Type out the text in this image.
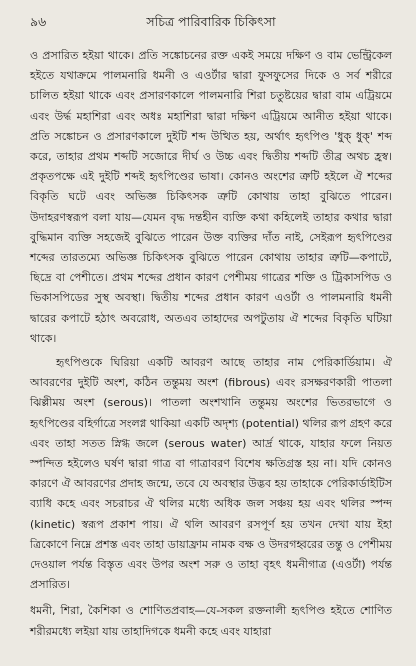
৯৬	সচিত্র পারিবারিক চিকিৎসা

ও প্রসারিত হইয়া থাকে। প্রতি সঙ্কোচনের রক্ত একই সময়ে দক্ষিণ ও বাম ভেন্ট্রিকেল হইতে যথাক্রমে পালমনারি ধমনী ও এওর্টার দ্বারা ফুসফুসের দিকে ও সর্ব শরীরে চালিত হইয়া থাকে এবং প্রসারণকালে পালমনারি শিরা চতুষ্টয়ের দ্বারা বাম এট্রিয়মে এবং উর্দ্ধ মহাশিরা এবং অধঃ মহাশিরা দ্বারা দক্ষিণ এট্রিয়মে আনীত হইয়া থাকে। প্রতি সঙ্কোচন ও প্রসারণকালে দুইটি শব্দ উত্থিত হয়, অর্থাৎ হৃৎপিণ্ড 'ধুক্ ধুক্' শব্দ করে, তাহার প্রথম শব্দটি সজোরে দীর্ঘ ও উচ্চ এবং দ্বিতীয় শব্দটি তীব্র অথচ হ্রস্ব। প্রকৃতপক্ষে এই দুইটি শব্দই হৃৎপিণ্ডের ভাষা। কোনও অংশের ত্রুটি হইলে ঐ শব্দের বিকৃতি ঘটে এবং অভিজ্ঞ চিকিৎসক ত্রুটি কোথায় তাহা বুঝিতে পারেন। উদাহরণস্বরূপ বলা যায়—যেমন বৃদ্ধ দন্তহীন ব্যক্তি কথা কহিলেই তাহার কথার দ্বারা বুদ্ধিমান ব্যক্তি সহজেই বুঝিতে পারেন উক্ত ব্যক্তির দাঁত নাই, সেইরূপ হৃৎপিণ্ডের শব্দের তারতম্যে অভিজ্ঞ চিকিৎসক বুঝিতে পারেন কোথায় তাহার ত্রুটি—কপাটে, ছিদ্রে বা পেশীতে। প্রথম শব্দের প্রধান কারণ পেশীময় গাত্রের শক্তি ও ট্রিকাসপিড ও ভিকাসপিডের সুস্থ অবস্থা। দ্বিতীয় শব্দের প্রধান কারণ এওর্টা ও পালমনারি ধমনী দ্বারের কপাটে হঠাৎ অবরোধ, অতএব তাহাদের অপটুতায় ঐ শব্দের বিকৃতি ঘটিয়া থাকে।

হৃৎপিণ্ডকে ঘিরিয়া একটি আবরণ আছে তাহার নাম পেরিকার্ডিয়াম। ঐ আবরণের দুইটি অংশ, কঠিন তন্তুময় অংশ (fibrous) এবং রসক্ষরণকারী পাতলা ঝিল্লীময় অংশ (serous)। পাতলা অংশখানি তন্তুময় অংশের ভিতরভাগে ও হৃৎপিণ্ডের বহির্গাত্রে সংলগ্ন থাকিয়া একটি অদৃশ্য (potential) থলির রূপ গ্রহণ করে এবং তাহা সতত স্নিগ্ধ জলে (serous water) আর্দ্র থাকে, যাহার ফলে নিয়ত স্পন্দিত হইলেও ঘর্ষণ দ্বারা গাত্র বা গাত্রাবরণ বিশেষ ক্ষতিগ্রস্ত হয় না। যদি কোনও কারণে ঐ আবরণের প্রদাহ জন্মে, তবে যে অবস্থার উদ্ভব হয় তাহাকে পেরিকার্ডাইটিস ব্যাধি কহে এবং সচরাচর ঐ থলির মধ্যে অধিক জল সঞ্চয় হয় এবং থলির স্পন্দ (kinetic) স্বরূপ প্রকাশ পায়। ঐ থলি আবরণ রসপূর্ণ হয় তখন দেখা যায় ইহা ত্রিকোণে নিম্নে প্রশস্ত এবং তাহা ডায়াফ্রাম নামক বক্ষ ও উদরগহ্বরের তন্তু ও পেশীময় দেওয়াল পর্যন্ত বিস্তৃত এবং উপর অংশ সরু ও তাহা বৃহৎ ধমনীগাত্র (এওর্টা) পর্যন্ত প্রসারিত।

ধমনী, শিরা, কৈশিকা ও শোণিতপ্রবাহ—যে-সকল রক্তনালী হৃৎপিণ্ড হইতে শোণিত শরীরমধ্যে লইয়া যায় তাহাদিগকে ধমনী কহে এবং যাহারা
